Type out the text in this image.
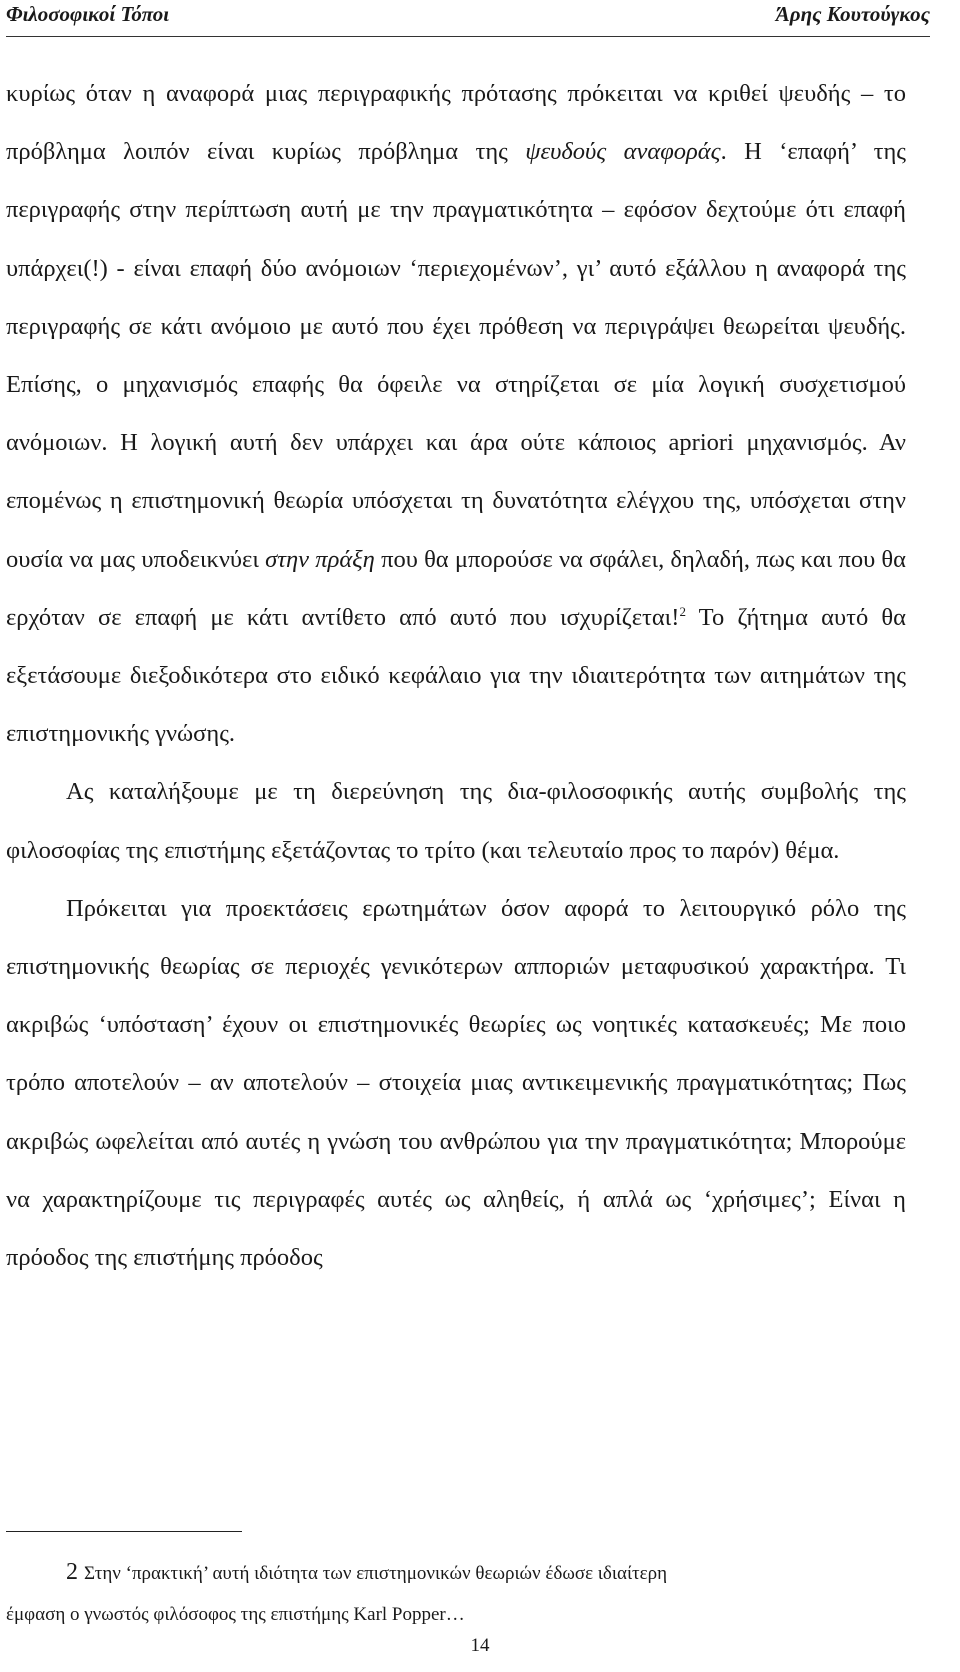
Φιλοσοφικοί Τόποι	Άρης Κουτούγκος

κυρίως όταν η αναφορά μιας περιγραφικής πρότασης πρόκειται να κριθεί ψευδής – το πρόβλημα λοιπόν είναι κυρίως πρόβλημα της ψευδούς αναφοράς. Η ‘επαφή’ της περιγραφής στην περίπτωση αυτή με την πραγματικότητα – εφόσον δεχτούμε ότι επαφή υπάρχει(!) - είναι επαφή δύο ανόμοιων ‘περιεχομένων’, γι’ αυτό εξάλλου η αναφορά της περιγραφής σε κάτι ανόμοιο με αυτό που έχει πρόθεση να περιγράψει θεωρείται ψευδής. Επίσης, ο μηχανισμός επαφής θα όφειλε να στηρίζεται σε μία λογική συσχετισμού ανόμοιων. Η λογική αυτή δεν υπάρχει και άρα ούτε κάποιος apriori μηχανισμός. Αν επομένως η επιστημονική θεωρία υπόσχεται τη δυνατότητα ελέγχου της, υπόσχεται στην ουσία να μας υποδεικνύει στην πράξη που θα μπορούσε να σφάλει, δηλαδή, πως και που θα ερχόταν σε επαφή με κάτι αντίθετο από αυτό που ισχυρίζεται!$^2$ Το ζήτημα αυτό θα εξετάσουμε διεξοδικότερα στο ειδικό κεφάλαιο για την ιδιαιτερότητα των αιτημάτων της επιστημονικής γνώσης.

Ας καταλήξουμε με τη διερεύνηση της δια-φιλοσοφικής αυτής συμβολής της φιλοσοφίας της επιστήμης εξετάζοντας το τρίτο (και τελευταίο προς το παρόν) θέμα.

Πρόκειται για προεκτάσεις ερωτημάτων όσον αφορά το λειτουργικό ρόλο της επιστημονικής θεωρίας σε περιοχές γενικότερων απποριών μεταφυσικού χαρακτήρα. Τι ακριβώς ‘υπόσταση’ έχουν οι επιστημονικές θεωρίες ως νοητικές κατασκευές; Με ποιο τρόπο αποτελούν – αν αποτελούν – στοιχεία μιας αντικειμενικής πραγματικότητας; Πως ακριβώς ωφελείται από αυτές η γνώση του ανθρώπου για την πραγματικότητα; Μπορούμε να χαρακτηρίζουμε τις περιγραφές αυτές ως αληθείς, ή απλά ως ‘χρήσιμες’; Είναι η πρόοδος της επιστήμης πρόοδος

2 Στην ‘πρακτική’ αυτή ιδιότητα των επιστημονικών θεωριών έδωσε ιδιαίτερη
έμφαση ο γνωστός φιλόσοφος της επιστήμης Karl Popper…
14
